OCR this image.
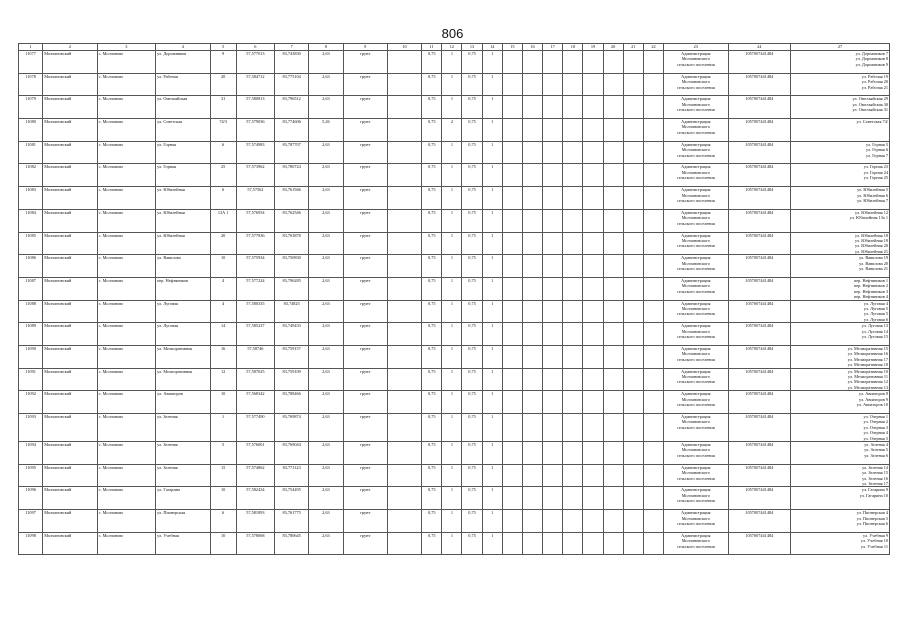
806
1	2	3	4	5	6	7	8	9	10	11	12	13	14	15	16	17	18	19	20	21	22	23	24	27
11077	Молчановский	с. Молчаново	ул. Дорожников	9	57,577013	83,743830	2,63	грунт		0,75	1	0,75	1									Администрация
Молчановского
сельского поселения	1057007441484	ул. Дорожников 7
ул. Дорожников 8
ул. Дорожников 9

11078	Молчановский	с. Молчаново	ул. Рабочая	20	57,584712	83,775104	2,63	грунт		0,75	1	0,75	1									Администрация
Молчановского
сельского поселения	1057007441484	ул. Рабочая 19
ул. Рабочая 20
ул. Рабочая 21

11079	Молчановский	с. Молчаново	ул. Омельяйская	31	57,580813	83,796512	2,63	грунт		0,75	1	0,75	1									Администрация
Молчановского
сельского поселения	1057007441484	ул. Омельяйская 29
ул. Омельяйская 30
ул. Омельяйская 31

11080	Молчановский	с. Молчаново	ул. Советская	74/3	57,579036	83,774606	5,26	грунт		0,75	2	0,75	1									Администрация
Молчановского
сельского поселения	1057007441484	ул. Советская 74/

11081	Молчановский	с. Молчаново	ул. Горная	6	57,574983	83,787707	2,63	грунт		0,75	1	0,75	1									Администрация
Молчановского
сельского поселения	1057007441484	ул. Горная 5
ул. Горная 6
ул. Горная 7

11082	Молчановский	с. Молчаново	ул. Горная	25	57,573962	83,780724	2,63	грунт		0,75	1	0,75	1									Администрация
Молчановского
сельского поселения	1057007441484	ул. Горная 23
ул. Горная 24
ул. Горная 25

11083	Молчановский	с. Молчаново	ул. Юбилейная	6	57,57562	83,761946	2,63	грунт		0,75	1	0,75	1									Администрация
Молчановского
сельского поселения	1057007441484	ул. Юбилейная 5
ул. Юбилейная 6
ул. Юбилейная 7

11084	Молчановский	с. Молчаново	ул. Юбилейная	13А 1	57,576954	83,762546	2,63	грунт		0,75	1	0,75	1									Администрация
Молчановского
сельского поселения	1057007441484	ул. Юбилейная 12
ул. Юбилейная 13а 1

11085	Молчановский	с. Молчаново	ул. Юбилейная	20	57,577836	83,763878	2,63	грунт		0,75	1	0,75	1									Администрация
Молчановского
сельского поселения	1057007441484	ул. Юбилейная 18
ул. Юбилейная 19
ул. Юбилейная 20
ул. Юбилейная 21

11086	Молчановский	с. Молчаново	ул. Вавилова	10	57,575934	83,750830	2,63	грунт		0,75	1	0,75	1									Администрация
Молчановского
сельского поселения	1057007441484	ул. Вавилова 19
ул. Вавилова 20
ул. Вавилова 21

11087	Молчановский	с. Молчаново	пер. Нефтяников	4	57,577224	83,796285	2,63	грунт		0,75	1	0,75	1									Администрация
Молчановского
сельского поселения	1057007441484	пер. Нефтяников 1
пер. Нефтяников 2
пер. Нефтяников 3
пер. Нефтяников 4

11088	Молчановский	с. Молчаново	ул. Луговая	4	57,580335	83,74825	2,63	грунт		0,75	1	0,75	1									Администрация
Молчановского
сельского поселения	1057007441484	ул. Луговая 4
ул. Луговая 5
ул. Луговая 5
ул. Луговая 6

11089	Молчановский	с. Молчаново	ул. Луговая	14	57,585237	83,749433	2,63	грунт		0,75	1	0,75	1									Администрация
Молчановского
сельского поселения	1057007441484	ул. Луговая 13
ул. Луговая 14
ул. Луговая 15

11090	Молчановский	с. Молчаново	ул. Мелиоративная	16	57,58746	83,759157	2,63	грунт		0,75	1	0,75	1									Администрация
Молчановского
сельского поселения	1057007441484	ул. Мелиоративная 15
ул. Мелиоративная 16
ул. Мелиоративная 17
ул. Мелиоративная 18

11091	Молчановский	с. Молчаново	ул. Мелиоративная	12	57,587025	83,759109	2,63	грунт		0,75	1	0,75	1									Администрация
Молчановского
сельского поселения	1057007441484	ул. Мелиоративная 10
ул. Мелиоративная 11
ул. Мелиоративная 12
ул. Мелиоративная 13

11092	Молчановский	с. Молчаново	ул. Авиаторов	10	57,568342	83,788466	2,63	грунт		0,75	1	0,75	1									Администрация
Молчановского
сельского поселения	1057007441484	ул. Авиаторов 8
ул. Авиаторов 9
ул. Авиаторов 10

11093	Молчановский	с. Молчаново	ул. Зеленая	1	57,577490	83,769874	2,63	грунт		0,75	1	0,75	1									Администрация
Молчановского
сельского поселения	1057007441484	ул. Озерная 1
ул. Озерная 2
ул. Озерная 3
ул. Озерная 4
ул. Озерная 5

11094	Молчановский	с. Молчаново	ул. Зеленая	5	57,576001	83,769044	2,63	грунт		0,75	1	0,75	1									Администрация
Молчановского
сельского поселения	1057007441484	ул. Зеленая 4
ул. Зеленая 5
ул. Зеленая 6

11095	Молчановский	с. Молчаново	ул. Зеленая	15	57,574862	83,771123	2,63	грунт		0,75	1	0,75	1									Администрация
Молчановского
сельского поселения	1057007441484	ул. Зеленая 14
ул. Зеленая 15
ул. Зеленая 16
ул. Зеленая 17

11096	Молчановский	с. Молчаново	ул. Гагарина	10	57,582434	83,754495	2,63	грунт		0,75	1	0,75	1									Администрация
Молчановского
сельского поселения	1057007441484	ул. Гагарина 9
ул. Гагарина 10

11097	Молчановский	с. Молчаново	ул. Пионерская	6	57,581893	83,761775	2,63	грунт		0,75	1	0,75	1									Администрация
Молчановского
сельского поселения	1057007441484	ул. Пионерская 4
ул. Пионерская 5
ул. Пионерская 6

11098	Молчановский	с. Молчаново	ул. Учебная	10	57,578068	83,780645	2,63	грунт		0,75	1	0,75	1									Администрация
Молчановского
сельского поселения	1057007441484	ул. Учебная 9
ул. Учебная 10
ул. Учебная 11
